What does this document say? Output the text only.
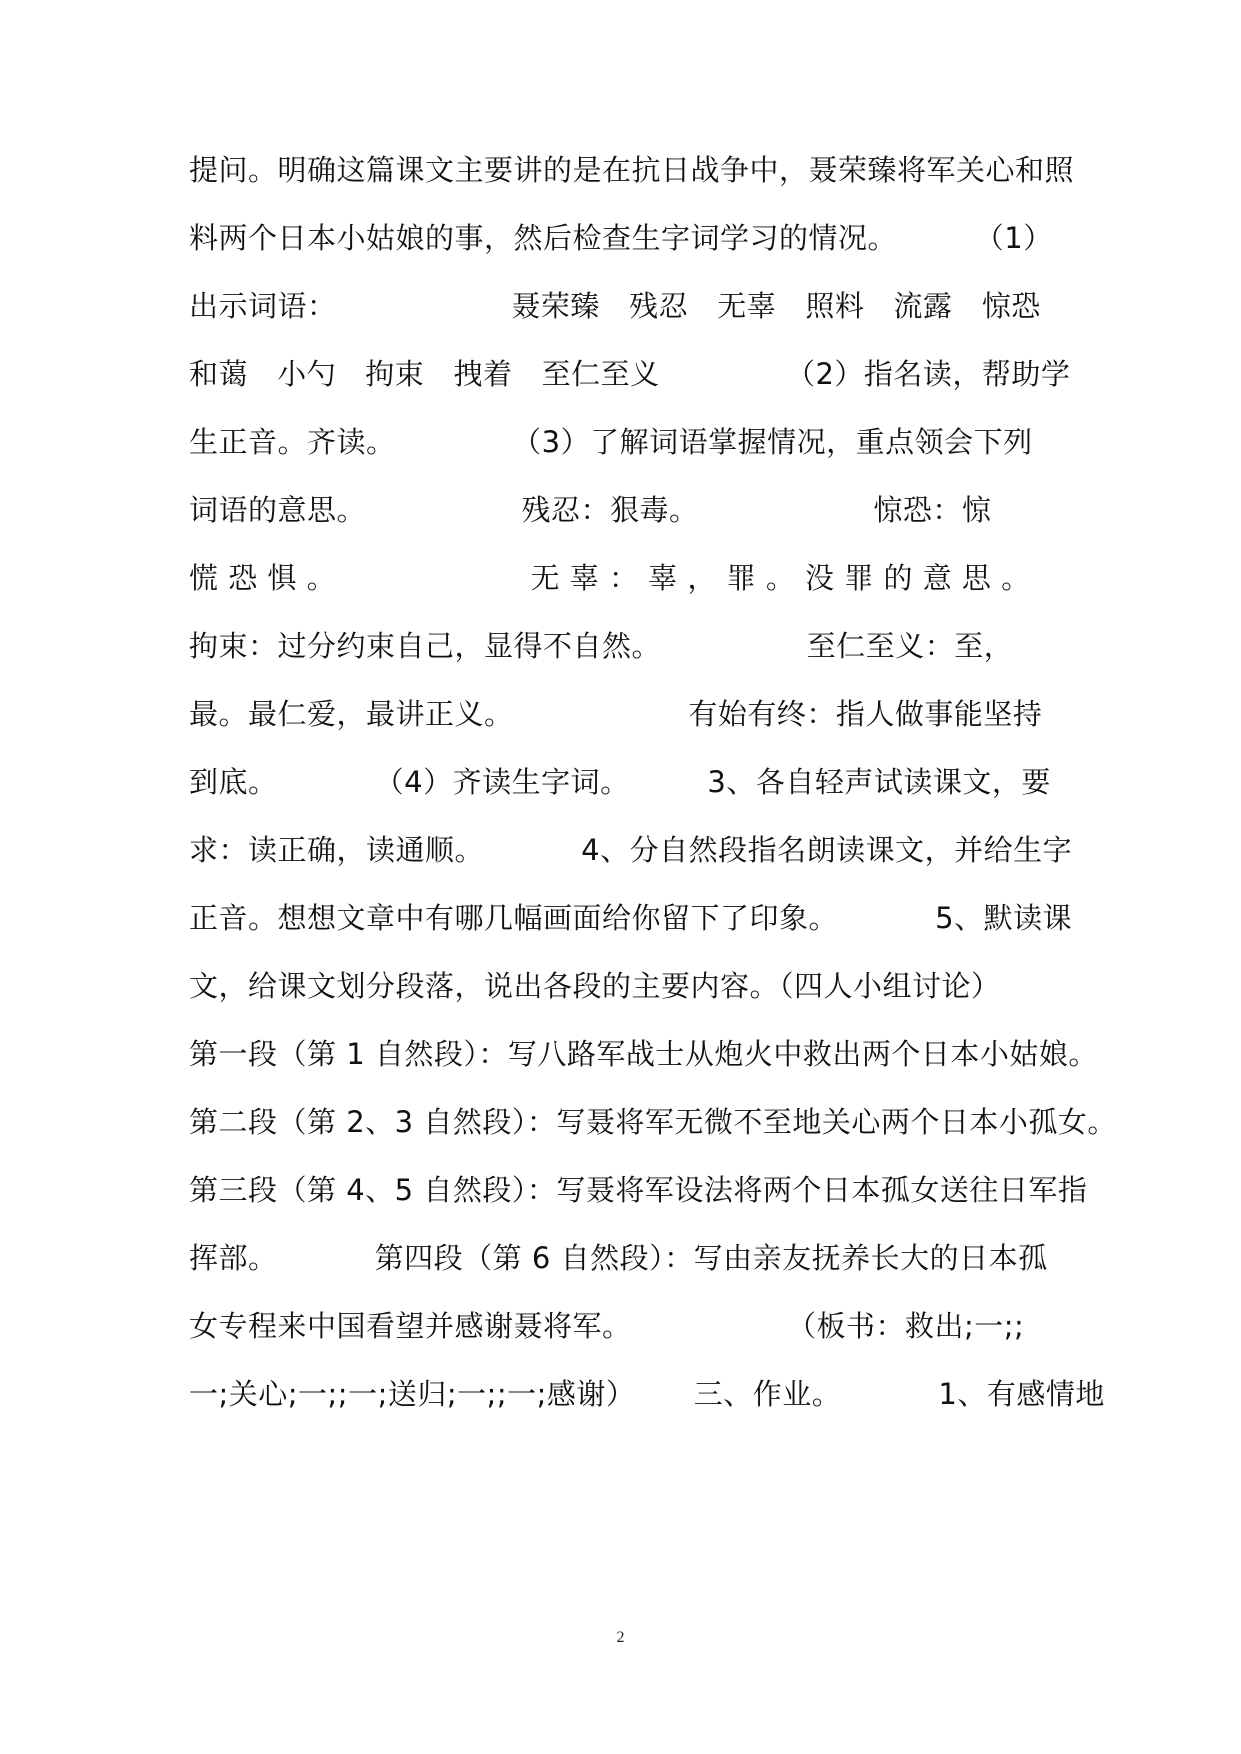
提问。明确这篇课文主要讲的是在抗日战争中，聂荣臻将军关心和照
料两个日本小姑娘的事，然后检查生字词学习的情况。        （1）
出示词语：                  聂荣臻   残忍   无辜   照料   流露   惊恐
和蔼   小勺   拘束   拽着   至仁至义             （2）指名读，帮助学
生正音。齐读。            （3）了解词语掌握情况，重点领会下列
词语的意思。                残忍：狠毒。                  惊恐：惊
慌 恐 惧 。                    无 辜 ： 辜 ， 罪 。 没 罪 的 意 思 。
拘束：过分约束自己，显得不自然。               至仁至义：至，
最。最仁爱，最讲正义。                  有始有终：指人做事能坚持
到底。          （4）齐读生字词。        3、各自轻声试读课文，要
求：读正确，读通顺。          4、分自然段指名朗读课文，并给生字
正音。想想文章中有哪几幅画面给你留下了印象。          5、默读课
文，给课文划分段落，说出各段的主要内容。（四人小组讨论）
第一段（第 1 自然段）：写八路军战士从炮火中救出两个日本小姑娘。
第二段（第 2、3 自然段）：写聂将军无微不至地关心两个日本小孤女。
第三段（第 4、5 自然段）：写聂将军设法将两个日本孤女送往日军指
挥部。          第四段（第 6 自然段）：写由亲友抚养长大的日本孤
女专程来中国看望并感谢聂将军。                （板书：救出;一;;
一;关心;一;;一;送归;一;;一;感谢）      三、作业。          1、有感情地
2
